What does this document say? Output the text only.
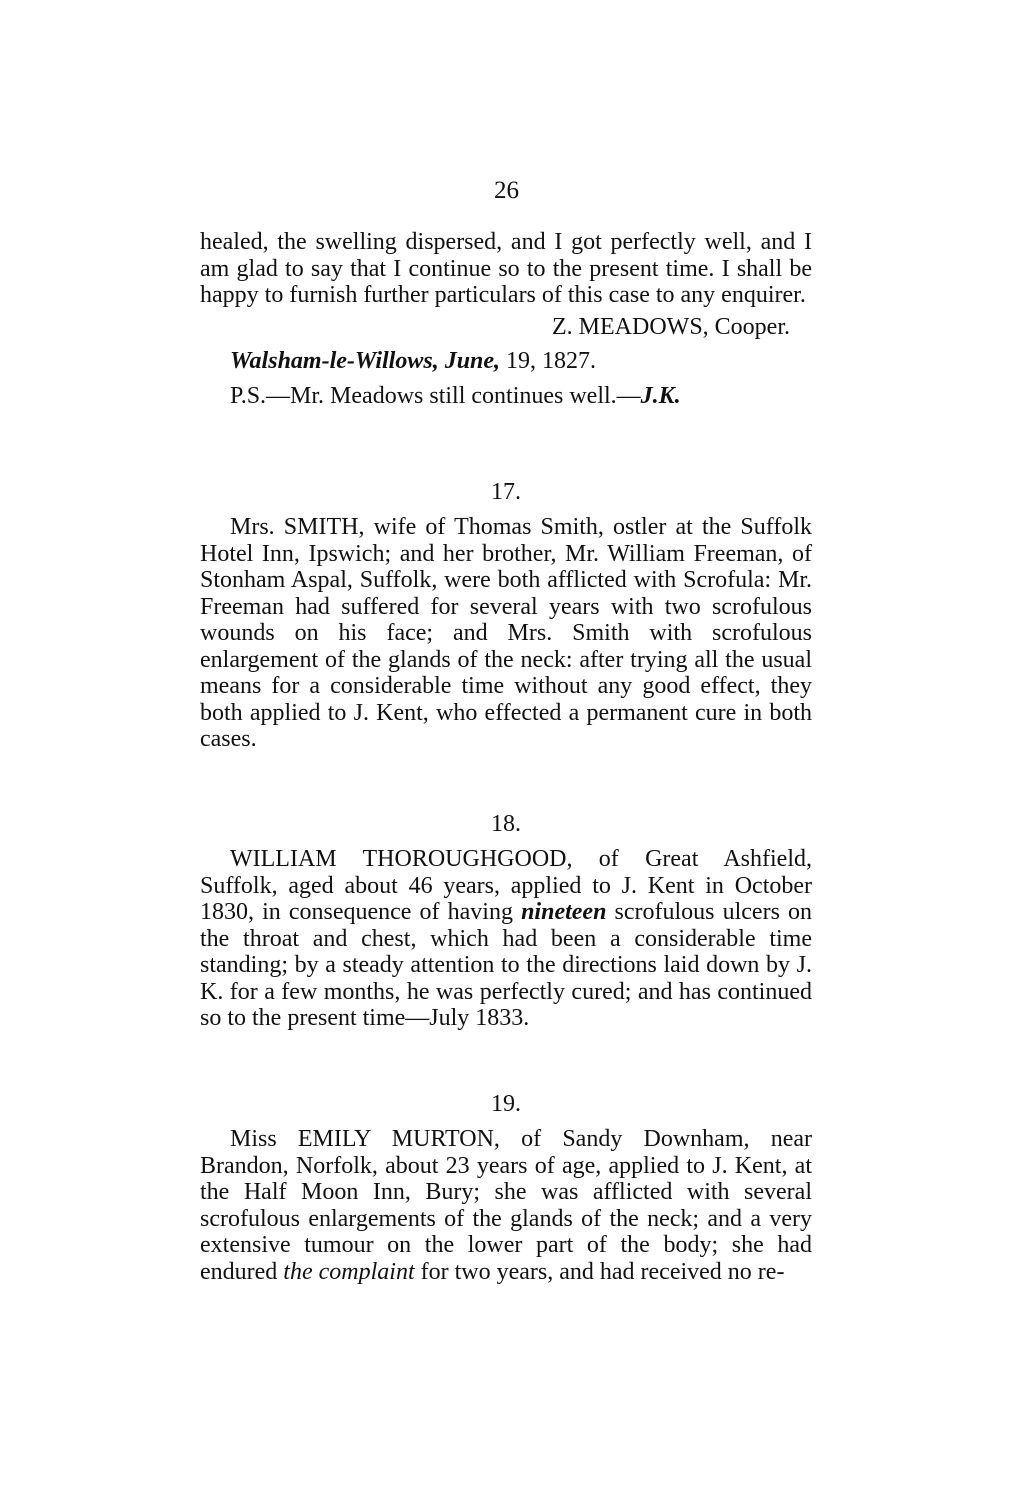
26

healed, the swelling dispersed, and I got perfectly well, and I am glad to say that I continue so to the present time. I shall be happy to furnish further particulars of this case to any enquirer.

Z. MEADOWS, Cooper.

Walsham-le-Willows, June, 19, 1827.

P.S.—Mr. Meadows still continues well.—J.K.

17.

Mrs. SMITH, wife of Thomas Smith, ostler at the Suffolk Hotel Inn, Ipswich; and her brother, Mr. William Freeman, of Stonham Aspal, Suffolk, were both afflicted with Scrofula: Mr. Freeman had suffered for several years with two scrofulous wounds on his face; and Mrs. Smith with scrofulous enlargement of the glands of the neck: after trying all the usual means for a considerable time without any good effect, they both applied to J. Kent, who effected a permanent cure in both cases.

18.

WILLIAM THOROUGHGOOD, of Great Ashfield, Suffolk, aged about 46 years, applied to J. Kent in October 1830, in consequence of having nineteen scrofulous ulcers on the throat and chest, which had been a considerable time standing; by a steady attention to the directions laid down by J. K. for a few months, he was perfectly cured; and has continued so to the present time—July 1833.

19.

Miss EMILY MURTON, of Sandy Downham, near Brandon, Norfolk, about 23 years of age, applied to J. Kent, at the Half Moon Inn, Bury; she was afflicted with several scrofulous enlargements of the glands of the neck; and a very extensive tumour on the lower part of the body; she had endured the complaint for two years, and had received no re-
